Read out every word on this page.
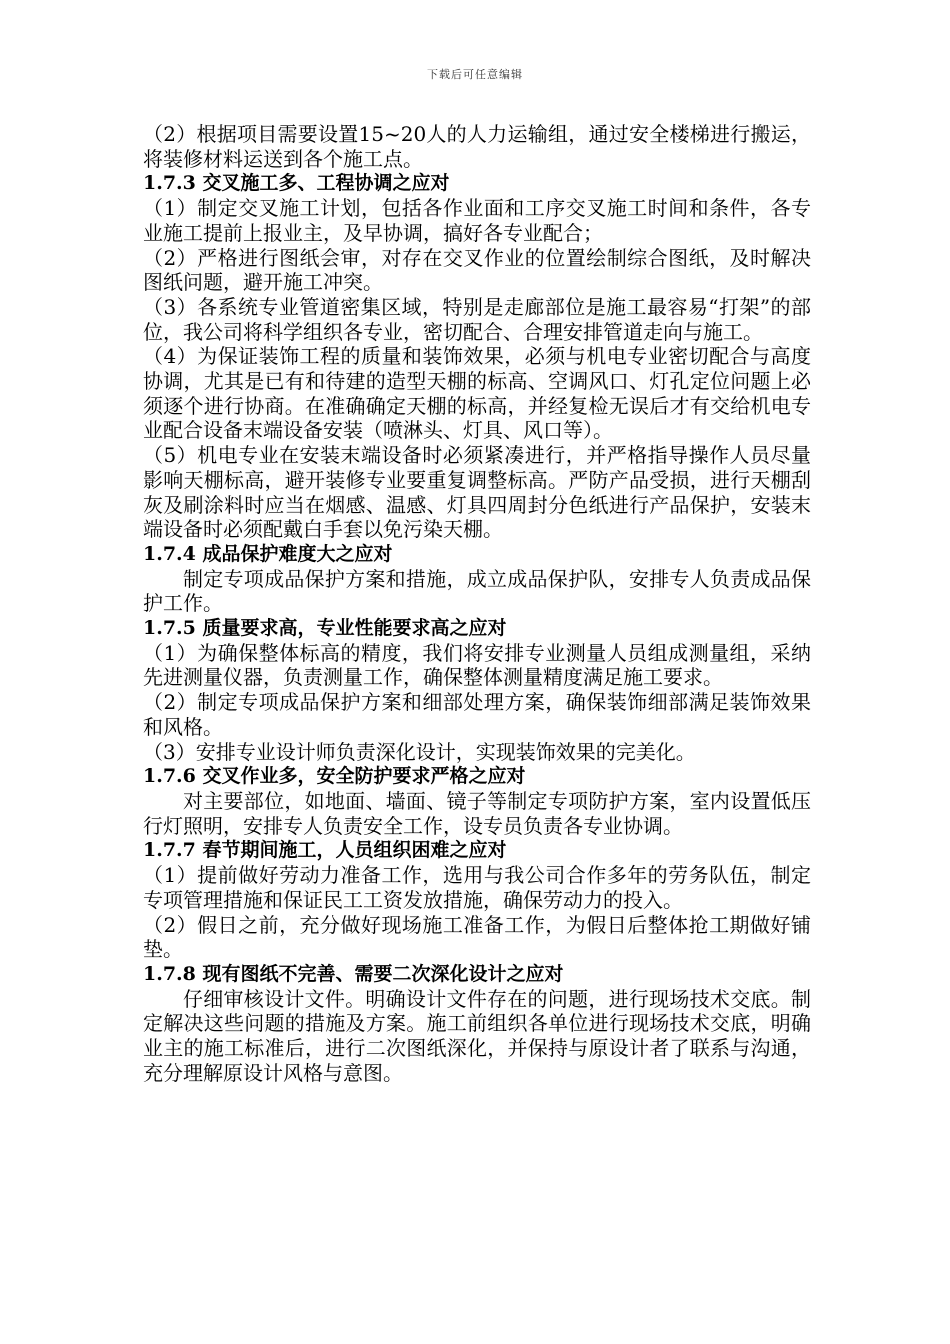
下载后可任意编辑

（2）根据项目需要设置15~20人的人力运输组，通过安全楼梯进行搬运，将装修材料运送到各个施工点。

1.7.3 交叉施工多、工程协调之应对

（1）制定交叉施工计划，包括各作业面和工序交叉施工时间和条件，各专业施工提前上报业主，及早协调，搞好各专业配合；

（2）严格进行图纸会审，对存在交叉作业的位置绘制综合图纸，及时解决图纸问题，避开施工冲突。

（3）各系统专业管道密集区域，特别是走廊部位是施工最容易“打架”的部位，我公司将科学组织各专业，密切配合、合理安排管道走向与施工。

（4）为保证装饰工程的质量和装饰效果，必须与机电专业密切配合与高度协调，尤其是已有和待建的造型天棚的标高、空调风口、灯孔定位问题上必须逐个进行协商。在准确确定天棚的标高，并经复检无误后才有交给机电专业配合设备末端设备安装（喷淋头、灯具、风口等）。

（5）机电专业在安装末端设备时必须紧凑进行，并严格指导操作人员尽量影响天棚标高，避开装修专业要重复调整标高。严防产品受损，进行天棚刮灰及刷涂料时应当在烟感、温感、灯具四周封分色纸进行产品保护，安装末端设备时必须配戴白手套以免污染天棚。

1.7.4 成品保护难度大之应对

制定专项成品保护方案和措施，成立成品保护队，安排专人负责成品保护工作。

1.7.5 质量要求高，专业性能要求高之应对

（1）为确保整体标高的精度，我们将安排专业测量人员组成测量组，采纳先进测量仪器，负责测量工作，确保整体测量精度满足施工要求。

（2）制定专项成品保护方案和细部处理方案，确保装饰细部满足装饰效果和风格。

（3）安排专业设计师负责深化设计，实现装饰效果的完美化。

1.7.6 交叉作业多，安全防护要求严格之应对

对主要部位，如地面、墙面、镜子等制定专项防护方案，室内设置低压行灯照明，安排专人负责安全工作，设专员负责各专业协调。

1.7.7 春节期间施工，人员组织困难之应对

（1）提前做好劳动力准备工作，选用与我公司合作多年的劳务队伍，制定专项管理措施和保证民工工资发放措施，确保劳动力的投入。

（2）假日之前，充分做好现场施工准备工作，为假日后整体抢工期做好铺垫。

1.7.8 现有图纸不完善、需要二次深化设计之应对

仔细审核设计文件。明确设计文件存在的问题，进行现场技术交底。制定解决这些问题的措施及方案。施工前组织各单位进行现场技术交底，明确业主的施工标准后，进行二次图纸深化，并保持与原设计者了联系与沟通，充分理解原设计风格与意图。
